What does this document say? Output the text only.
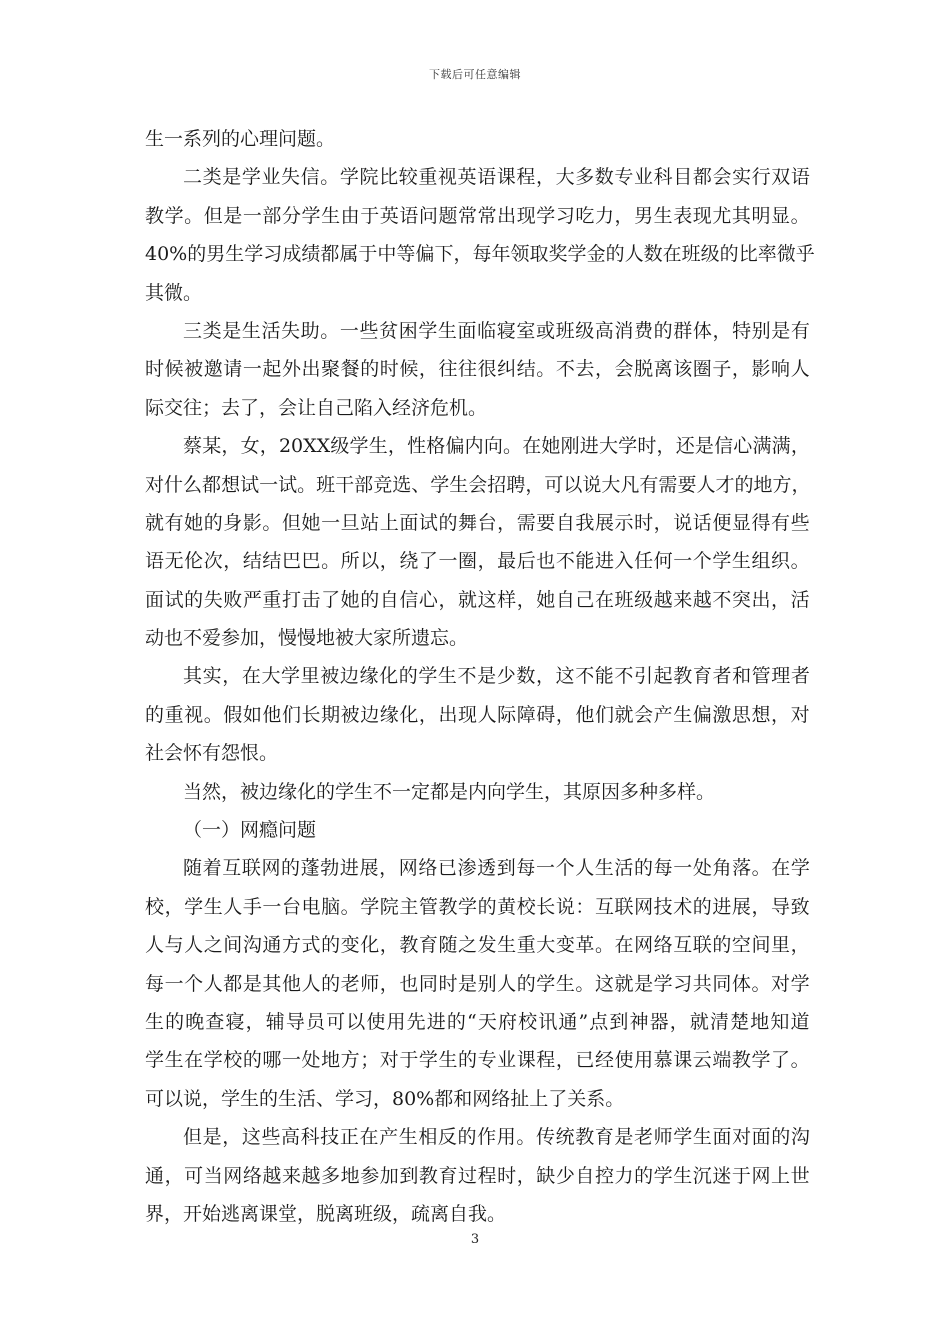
下载后可任意编辑
生一系列的心理问题。
二 类 是 学 业 失 信 。 学 院 比 较 重 视 英 语 课 程 ， 大 多 数 专 业 科 目 都 会 实 行 双 语
教 学 。 但 是 一 部 分 学 生 由 于 英 语 问 题 常 常 出 现 学 习 吃 力 ， 男 生 表 现 尤 其 明 显 。
40% 的 男 生 学 习 成 绩 都 属 于 中 等 偏 下 ， 每 年 领 取 奖 学 金 的 人 数 在 班 级 的 比 率 微 乎
其微。
三 类 是 生 活 失 助 。 一 些 贫 困 学 生 面 临 寝 室 或 班 级 高 消 费 的 群 体 ， 特 别 是 有
时 候 被 邀 请 一 起 外 出 聚 餐 的 时 候 ， 往 往 很 纠 结 。 不 去 ， 会 脱 离 该 圈 子 ， 影 响 人
际交往；去了，会让自己陷入经济危机。
蔡 某 ， 女 ， 20XX 级 学 生 ， 性 格 偏 内 向 。 在 她 刚 进 大 学 时 ， 还 是 信 心 满 满 ，
对 什 么 都 想 试 一 试 。 班 干 部 竞 选 、 学 生 会 招 聘 ， 可 以 说 大 凡 有 需 要 人 才 的 地 方 ，
就 有 她 的 身 影 。 但 她 一 旦 站 上 面 试 的 舞 台 ， 需 要 自 我 展 示 时 ， 说 话 便 显 得 有 些
语 无 伦 次 ， 结 结 巴 巴 。 所 以 ， 绕 了 一 圈 ， 最 后 也 不 能 进 入 任 何 一 个 学 生 组 织 。
面 试 的 失 败 严 重 打 击 了 她 的 自 信 心 ， 就 这 样 ， 她 自 己 在 班 级 越 来 越 不 突 出 ， 活
动也不爱参加，慢慢地被大家所遗忘。
其 实 ， 在 大 学 里 被 边 缘 化 的 学 生 不 是 少 数 ， 这 不 能 不 引 起 教 育 者 和 管 理 者
的 重 视 。 假 如 他 们 长 期 被 边 缘 化 ， 出 现 人 际 障 碍 ， 他 们 就 会 产 生 偏 激 思 想 ， 对
社会怀有怨恨。
当然，被边缘化的学生不一定都是内向学生，其原因多种多样。
（一）网瘾问题
随 着 互 联 网 的 蓬 勃 进 展 ， 网 络 已 渗 透 到 每 一 个 人 生 活 的 每 一 处 角 落 。 在 学
校 ， 学 生 人 手 一 台 电 脑 。 学 院 主 管 教 学 的 黄 校 长 说 ： 互 联 网 技 术 的 进 展 ， 导 致
人 与 人 之 间 沟 通 方 式 的 变 化 ， 教 育 随 之 发 生 重 大 变 革 。 在 网 络 互 联 的 空 间 里 ，
每 一 个 人 都 是 其 他 人 的 老 师 ， 也 同 时 是 别 人 的 学 生 。 这 就 是 学 习 共 同 体 。 对 学
生 的 晚 查 寝 ， 辅 导 员 可 以 使 用 先 进 的 “ 天 府 校 讯 通 ” 点 到 神 器 ， 就 清 楚 地 知 道
学 生 在 学 校 的 哪 一 处 地 方 ； 对 于 学 生 的 专 业 课 程 ， 已 经 使 用 慕 课 云 端 教 学 了 。
可以说，学生的生活、学习，80%都和网络扯上了关系。
但 是 ， 这 些 高 科 技 正 在 产 生 相 反 的 作 用 。 传 统 教 育 是 老 师 学 生 面 对 面 的 沟
通 ， 可 当 网 络 越 来 越 多 地 参 加 到 教 育 过 程 时 ， 缺 少 自 控 力 的 学 生 沉 迷 于 网 上 世
界，开始逃离课堂，脱离班级，疏离自我。
3
